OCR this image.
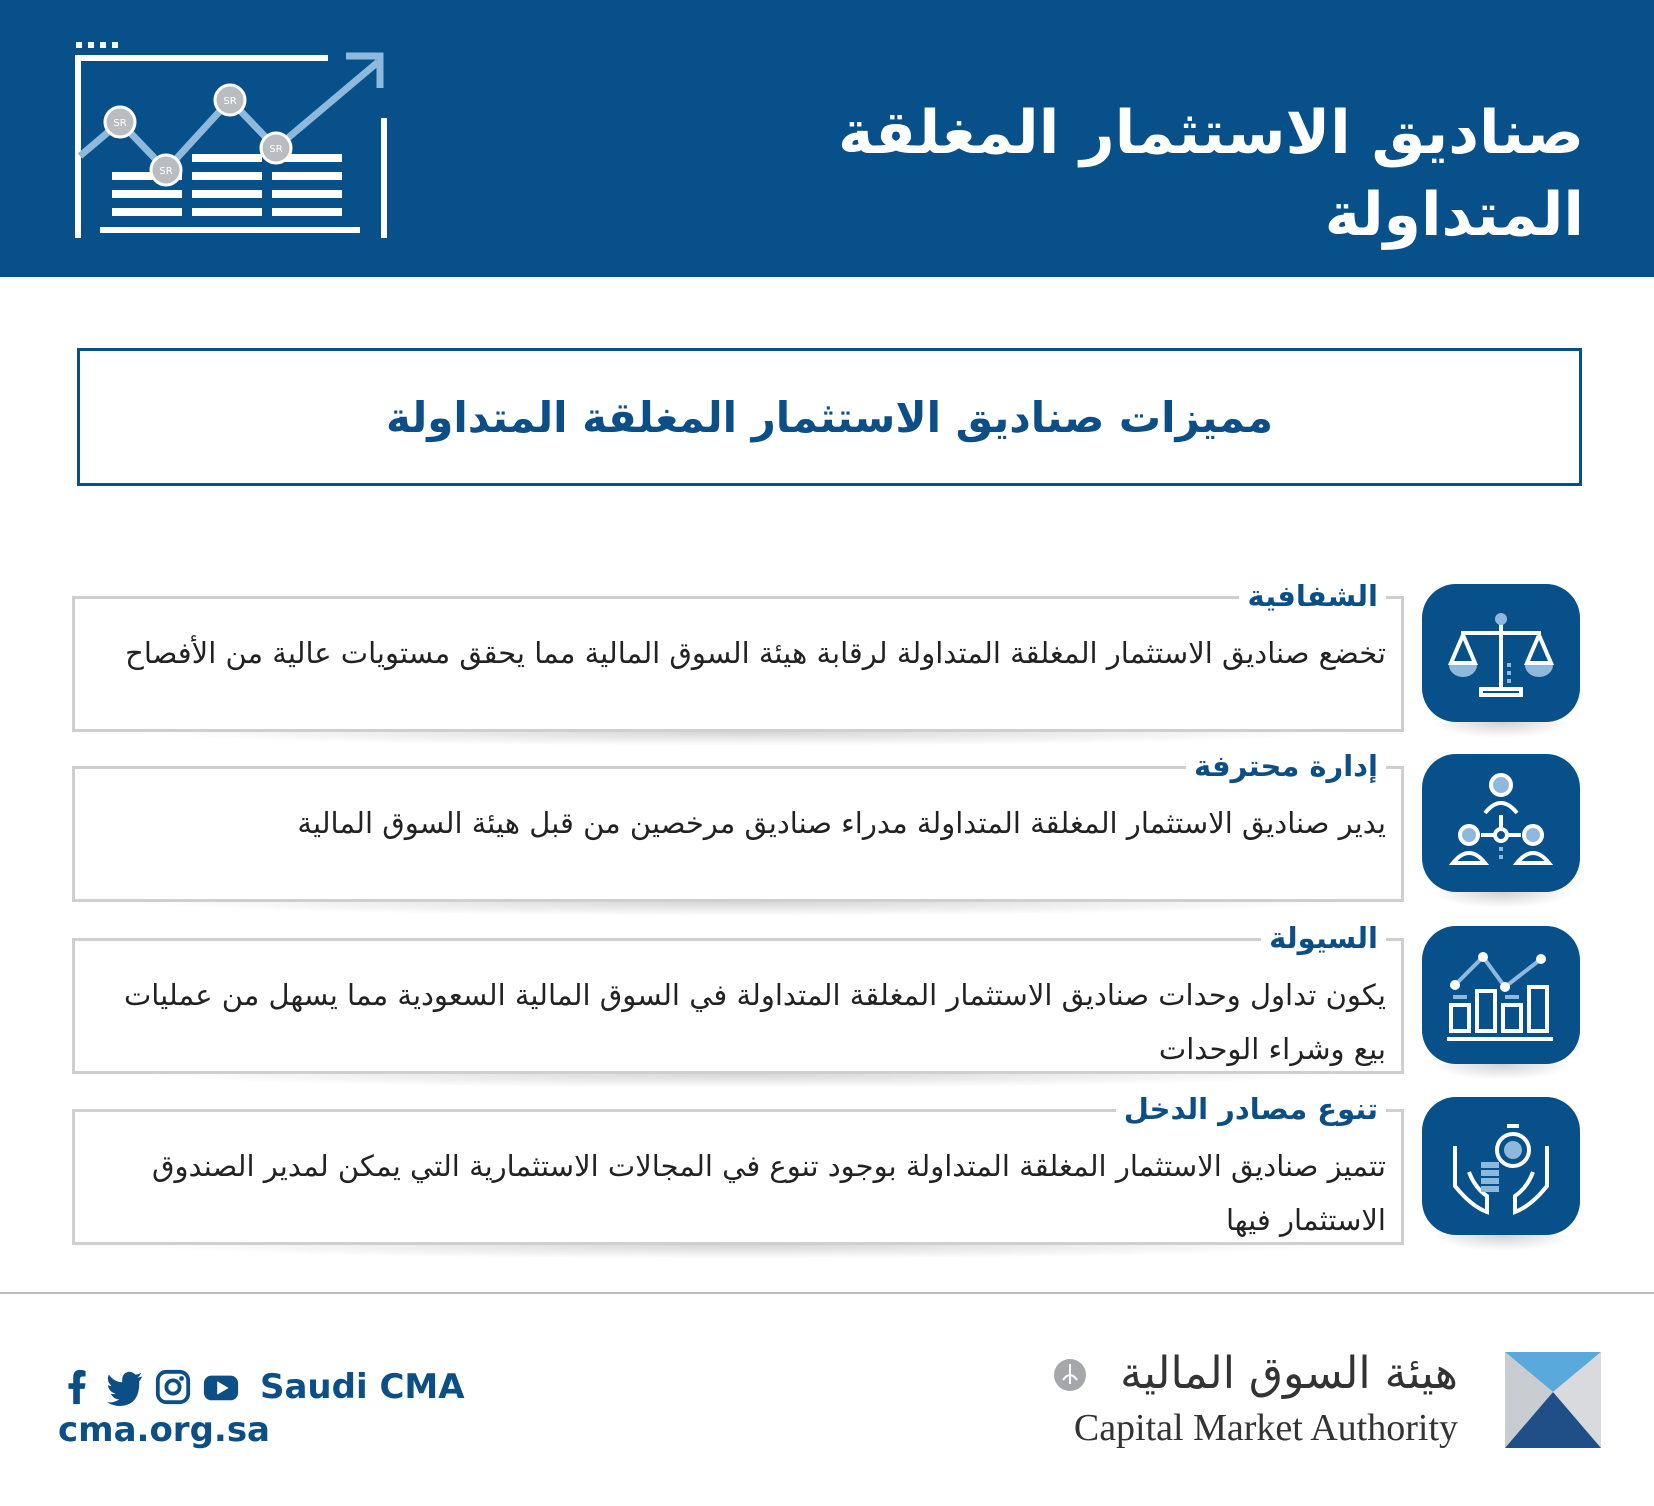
SR
SR
SR
SR	صناديق الاستثمار المغلقة المتداولة
مميزات صناديق الاستثمار المغلقة المتداولة
الشفافية
تخضع صناديق الاستثمار المغلقة المتداولة لرقابة هيئة السوق المالية مما يحقق مستويات عالية من الأفصاح
إدارة محترفة
يدير صناديق الاستثمار المغلقة المتداولة مدراء صناديق مرخصين من قبل هيئة السوق المالية
السيولة
يكون تداول وحدات صناديق الاستثمار المغلقة المتداولة في السوق المالية السعودية مما يسهل من عمليات بيع وشراء الوحدات
تنوع مصادر الدخل
تتميز صناديق الاستثمار المغلقة المتداولة بوجود تنوع في المجالات الاستثمارية التي يمكن لمدير الصندوق الاستثمار فيها
Saudi CMA
cma.org.sa
هيئة السوق المالية
Capital Market Authority
